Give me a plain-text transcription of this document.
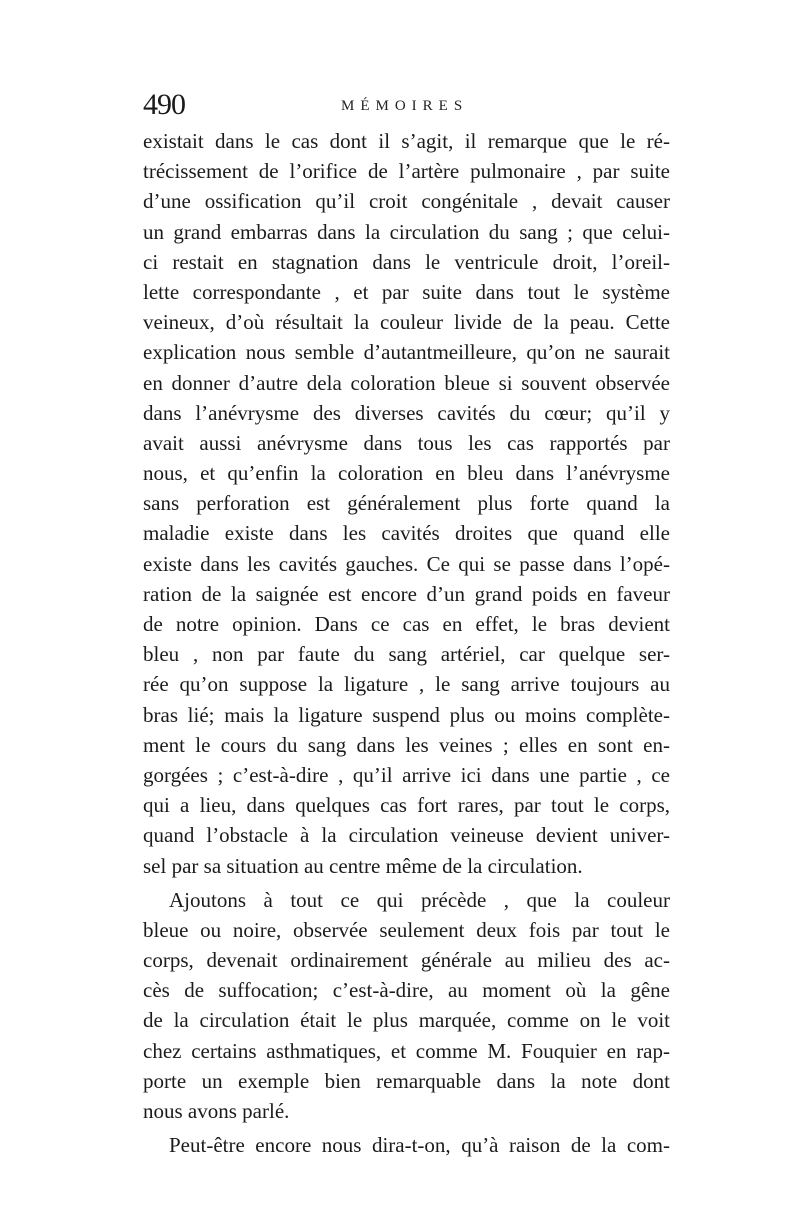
490	MÉMOIRES
existait dans le cas dont il s’agit, il remarque que le ré-
trécissement de l’orifice de l’artère pulmonaire , par suite
d’une ossification qu’il croit congénitale , devait causer
un grand embarras dans la circulation du sang ; que celui-
ci restait en stagnation dans le ventricule droit, l’oreil-
lette correspondante , et par suite dans tout le système
veineux, d’où résultait la couleur livide de la peau. Cette
explication nous semble d’autantmeilleure, qu’on ne saurait
en donner d’autre dela coloration bleue si souvent observée
dans l’anévrysme des diverses cavités du cœur; qu’il y
avait aussi anévrysme dans tous les cas rapportés par
nous, et qu’enfin la coloration en bleu dans l’anévrysme
sans perforation est généralement plus forte quand la
maladie existe dans les cavités droites que quand elle
existe dans les cavités gauches. Ce qui se passe dans l’opé-
ration de la saignée est encore d’un grand poids en faveur
de notre opinion. Dans ce cas en effet, le bras devient
bleu , non par faute du sang artériel, car quelque ser-
rée qu’on suppose la ligature , le sang arrive toujours au
bras lié; mais la ligature suspend plus ou moins complète-
ment le cours du sang dans les veines ; elles en sont en-
gorgées ; c’est-à-dire , qu’il arrive ici dans une partie , ce
qui a lieu, dans quelques cas fort rares, par tout le corps,
quand l’obstacle à la circulation veineuse devient univer-
sel par sa situation au centre même de la circulation.
Ajoutons à tout ce qui précède , que la couleur
bleue ou noire, observée seulement deux fois par tout le
corps, devenait ordinairement générale au milieu des ac-
cès de suffocation; c’est-à-dire, au moment où la gêne
de la circulation était le plus marquée, comme on le voit
chez certains asthmatiques, et comme M. Fouquier en rap-
porte un exemple bien remarquable dans la note dont
nous avons parlé.
Peut-être encore nous dira-t-on, qu’à raison de la com-
